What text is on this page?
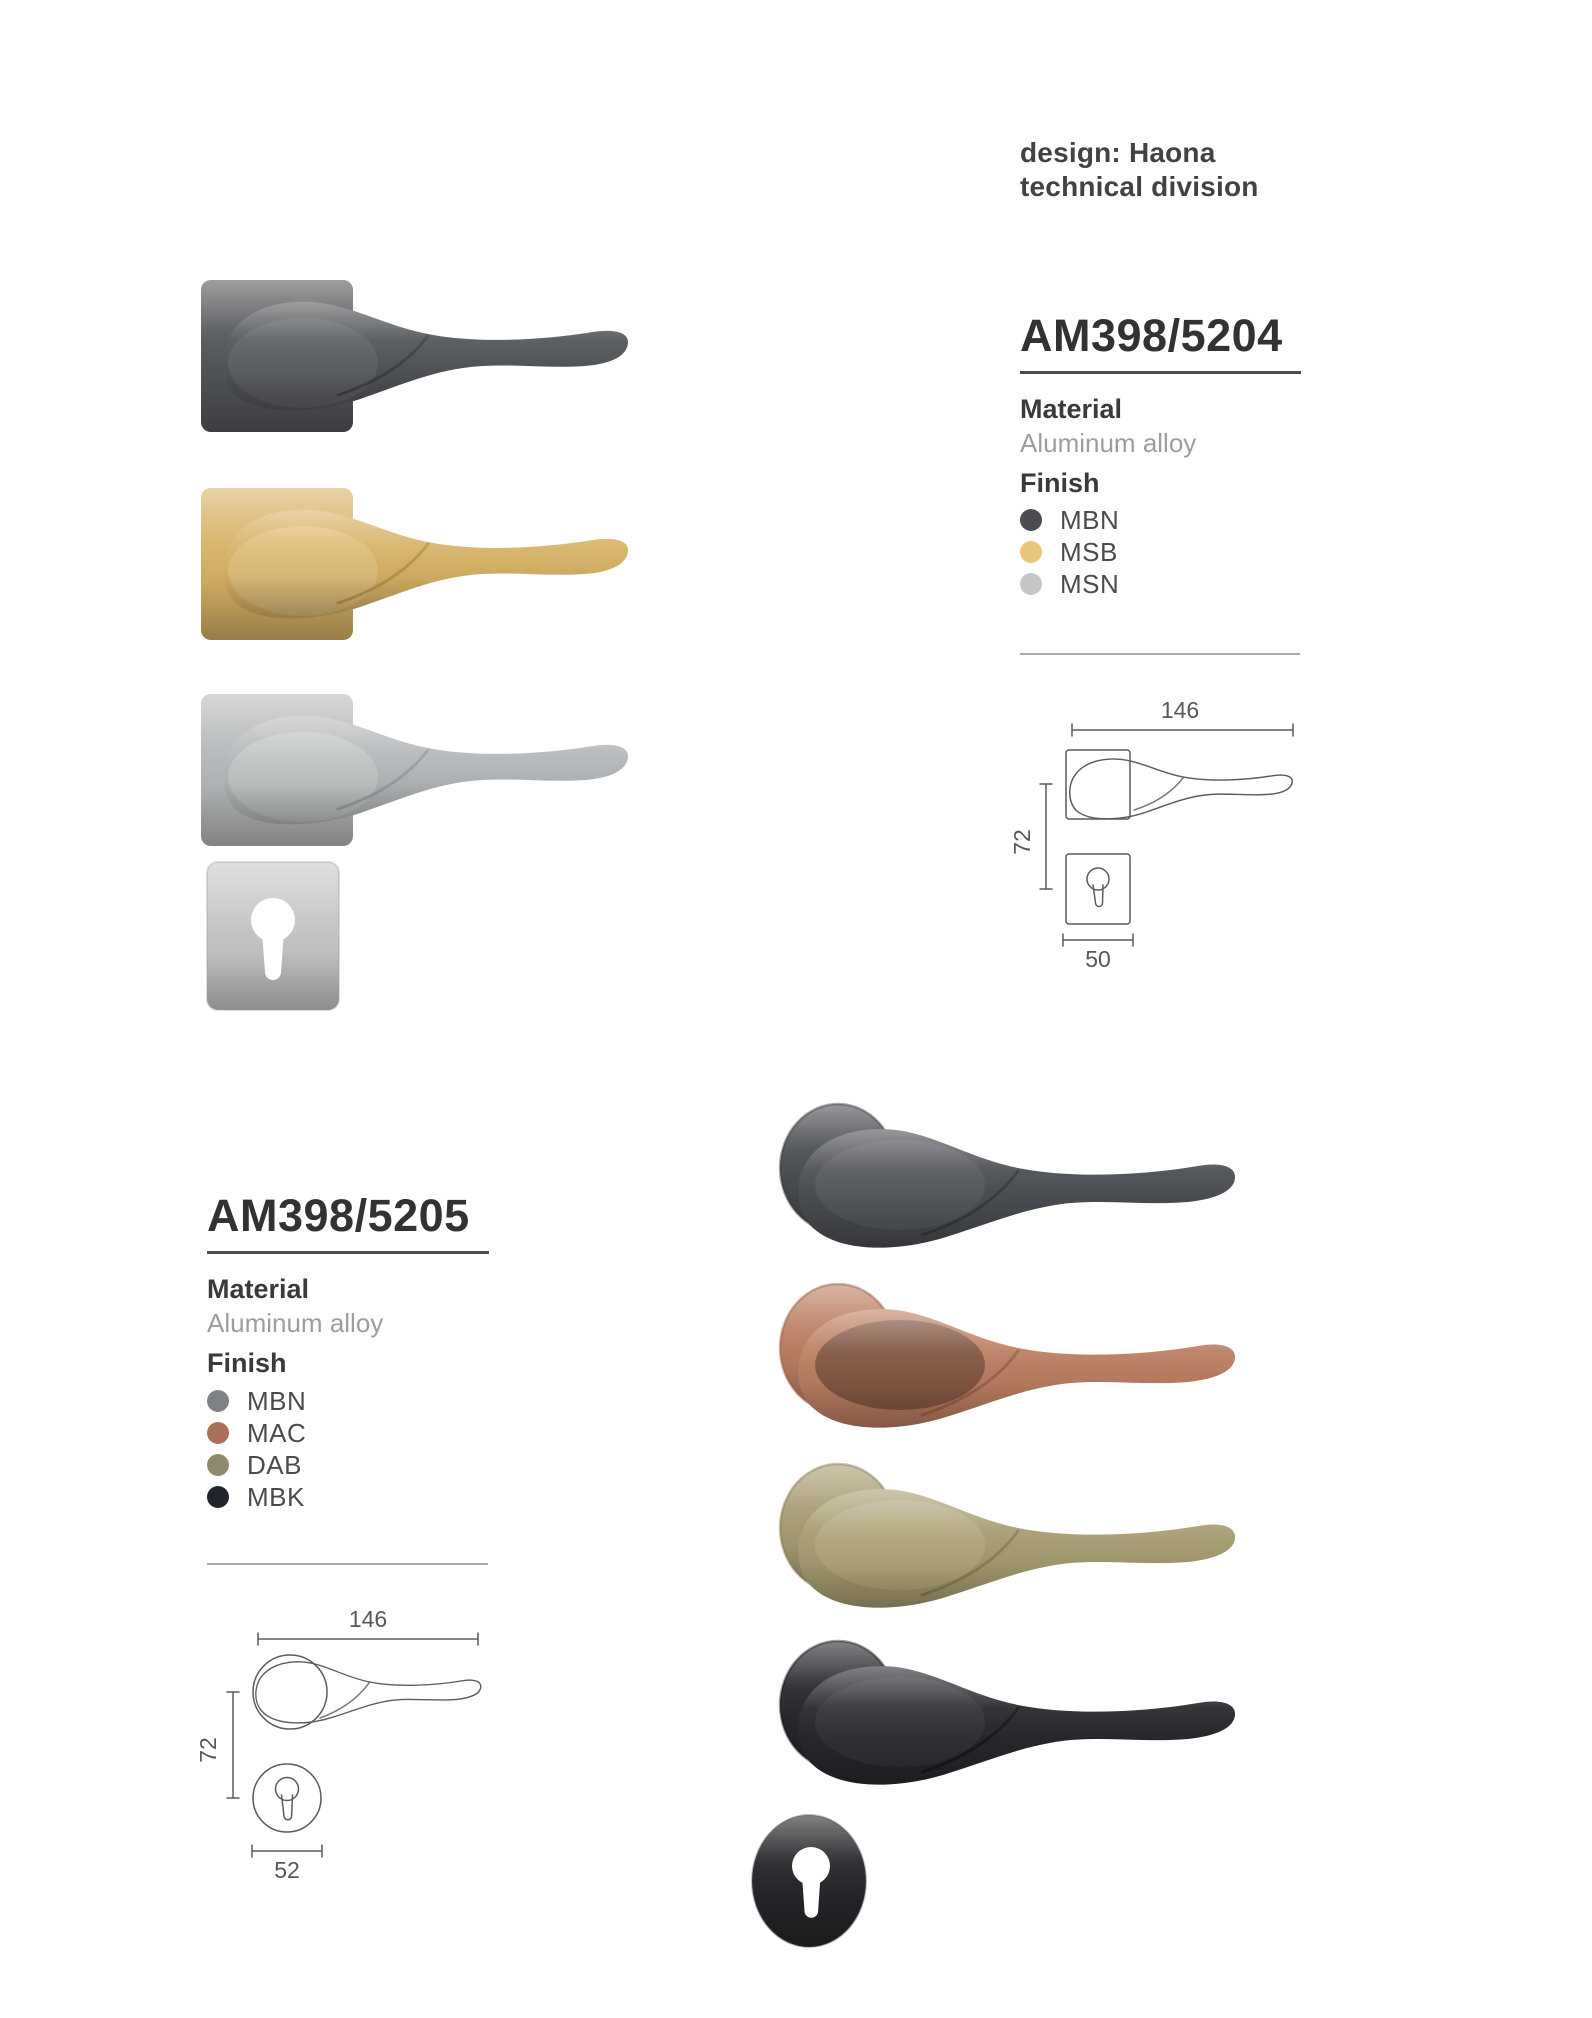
design: Haona
technical division
AM398/5204
Material
Aluminum alloy
Finish
MBN
MSB
MSN
146
72
50
AM398/5205
Material
Aluminum alloy
Finish
MBN
MAC
DAB
MBK
146
72
52
